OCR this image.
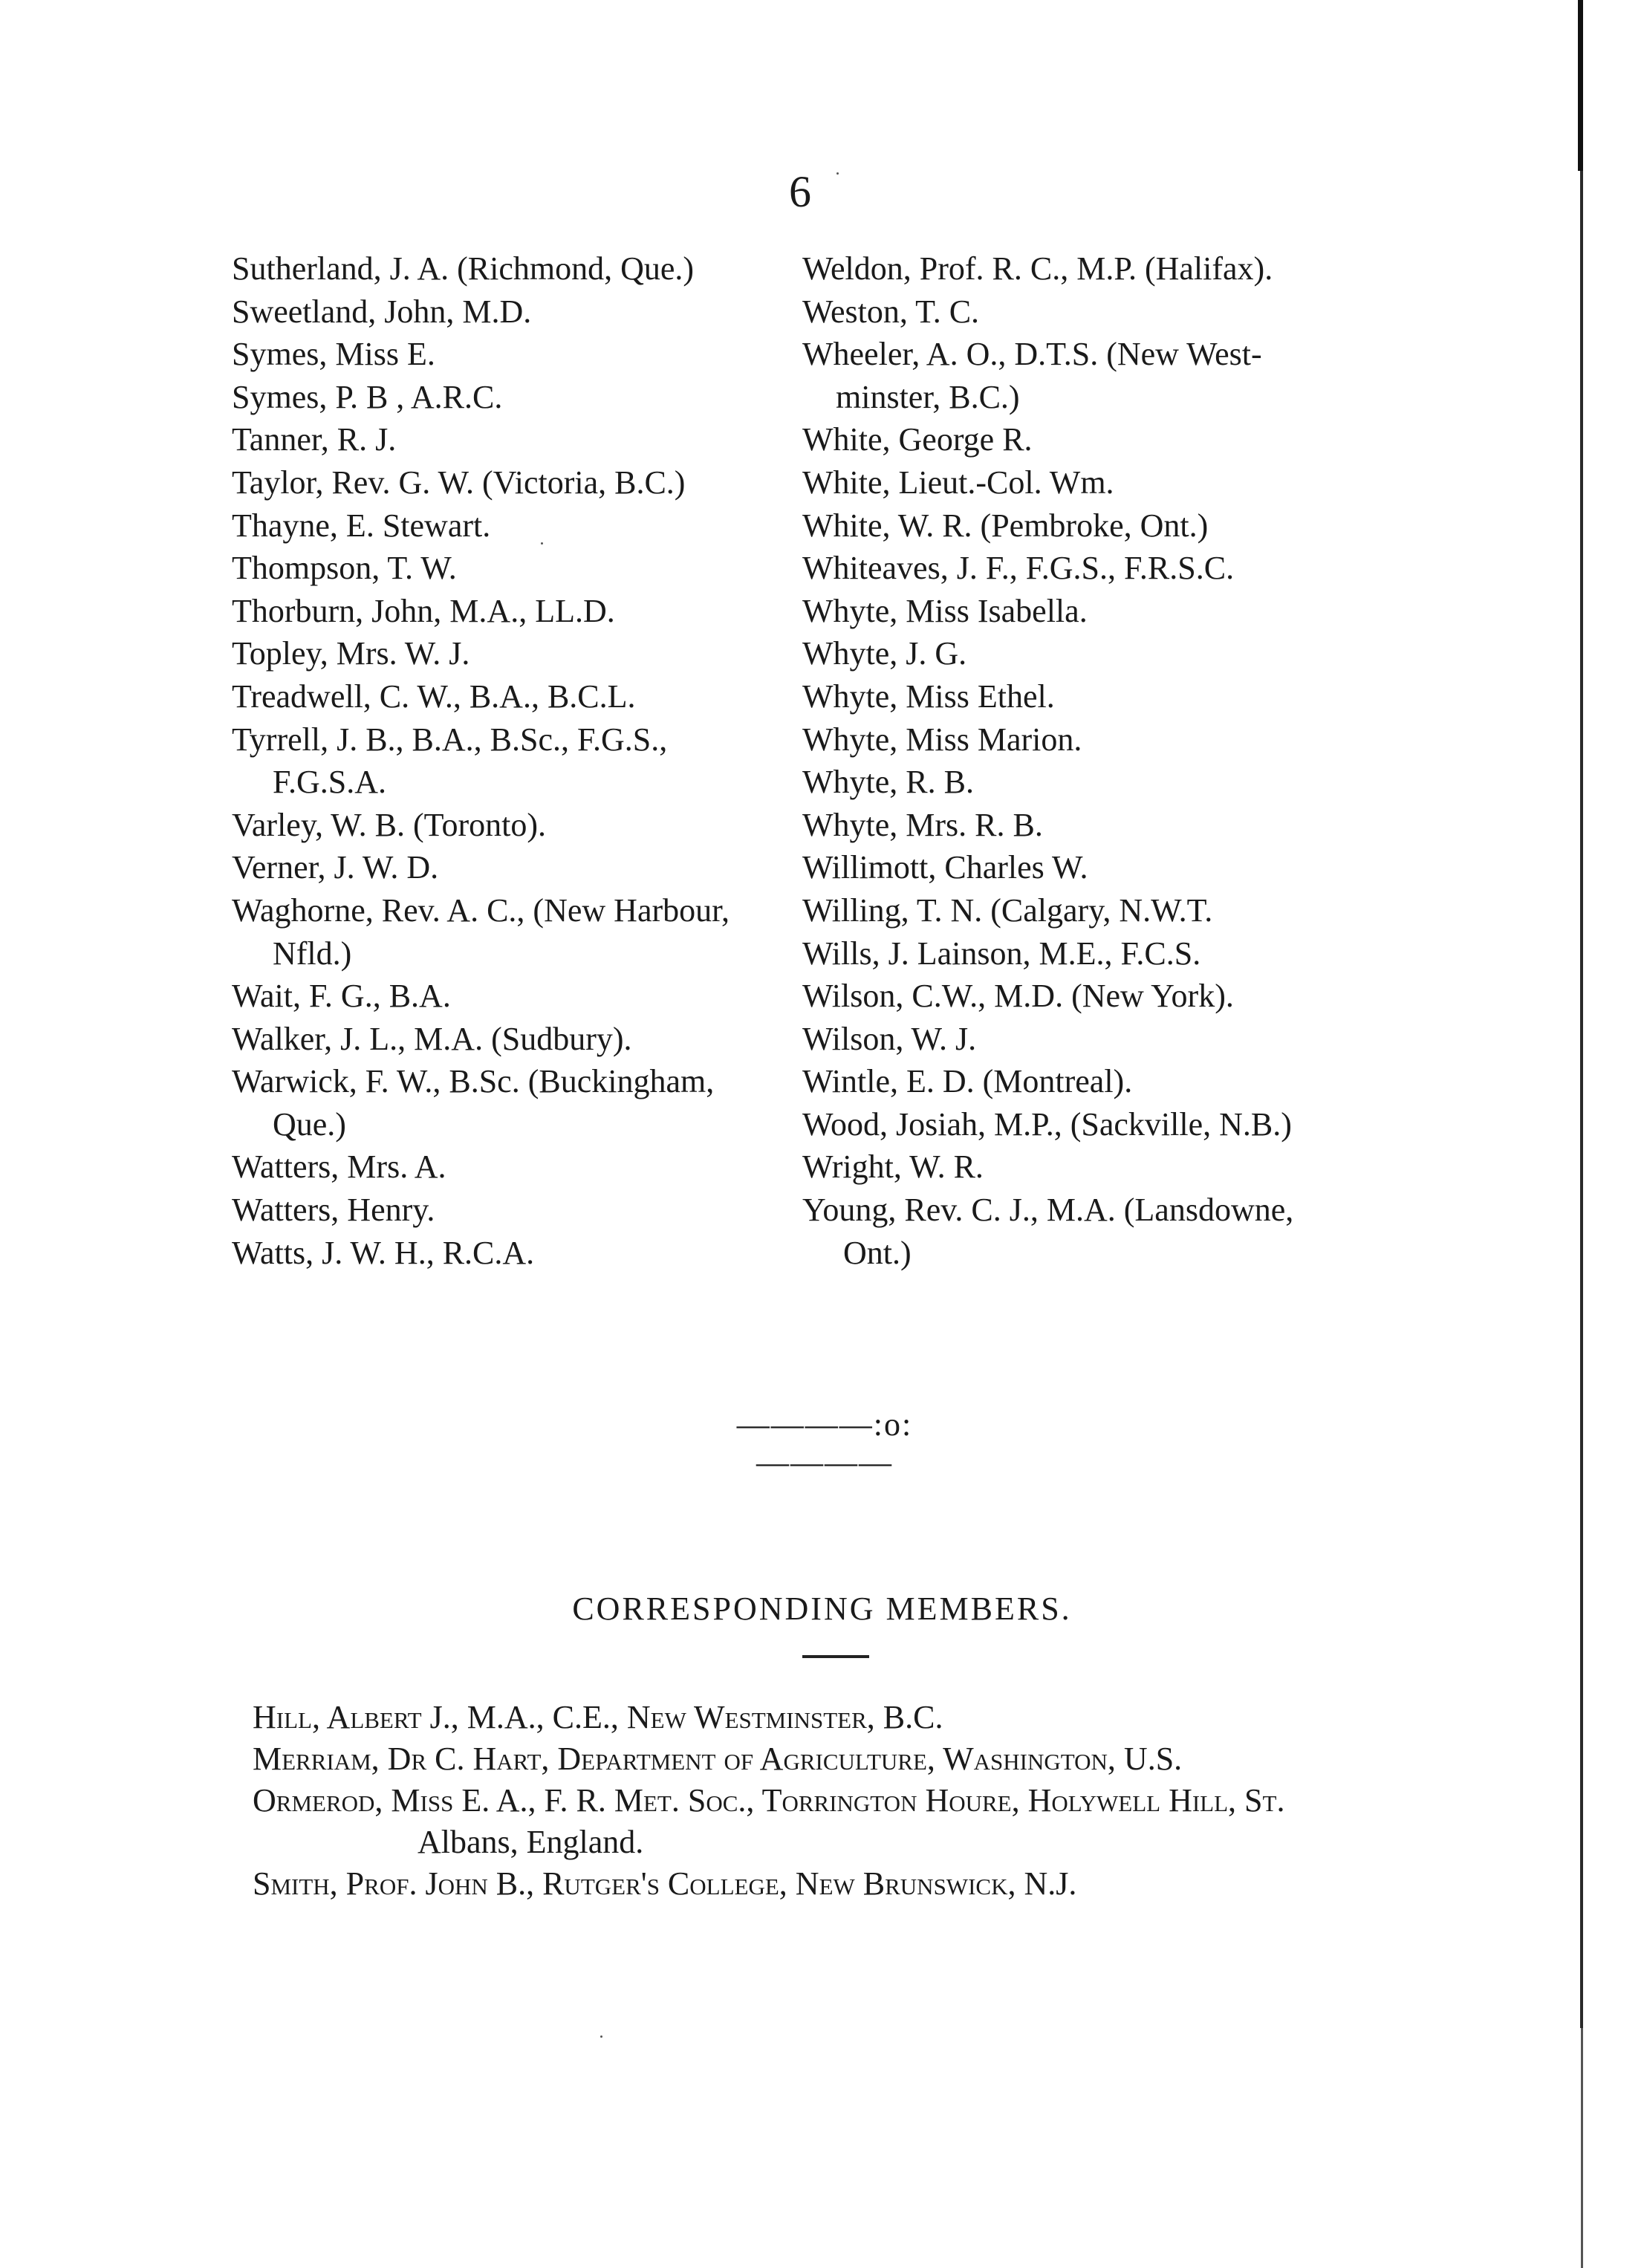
6
Sutherland, J. A. (Richmond, Que.)
Sweetland, John, M.D.
Symes, Miss E.
Symes, P. B , A.R.C.
Tanner, R. J.
Taylor, Rev. G. W. (Victoria, B.C.)
Thayne, E. Stewart.
Thompson, T. W.
Thorburn, John, M.A., LL.D.
Topley, Mrs. W. J.
Treadwell, C. W., B.A., B.C.L.
Tyrrell, J. B., B.A., B.Sc., F.G.S.,
F.G.S.A.
Varley, W. B. (Toronto).
Verner, J. W. D.
Waghorne, Rev. A. C., (New Harbour,
Nfld.)
Wait, F. G., B.A.
Walker, J. L., M.A. (Sudbury).
Warwick, F. W., B.Sc. (Buckingham,
Que.)
Watters, Mrs. A.
Watters, Henry.
Watts, J. W. H., R.C.A.
Weldon, Prof. R. C., M.P. (Halifax).
Weston, T. C.
Wheeler, A. O., D.T.S. (New West-
minster, B.C.)
White, George R.
White, Lieut.-Col. Wm.
White, W. R. (Pembroke, Ont.)
Whiteaves, J. F., F.G.S., F.R.S.C.
Whyte, Miss Isabella.
Whyte, J. G.
Whyte, Miss Ethel.
Whyte, Miss Marion.
Whyte, R. B.
Whyte, Mrs. R. B.
Willimott, Charles W.
Willing, T. N. (Calgary, N.W.T.
Wills, J. Lainson, M.E., F.C.S.
Wilson, C.W., M.D. (New York).
Wilson, W. J.
Wintle, E. D. (Montreal).
Wood, Josiah, M.P., (Sackville, N.B.)
Wright, W. R.
Young, Rev. C. J., M.A. (Lansdowne,
Ont.)
————:o:————
CORRESPONDING MEMBERS.
Hill, Albert J., M.A., C.E., New Westminster, B.C.
Merriam, Dr C. Hart, Department of Agriculture, Washington, U.S.
Ormerod, Miss E. A., F. R. Met. Soc., Torrington Houre, Holywell Hill, St.
Albans, England.
Smith, Prof. John B., Rutger's College, New Brunswick, N.J.
